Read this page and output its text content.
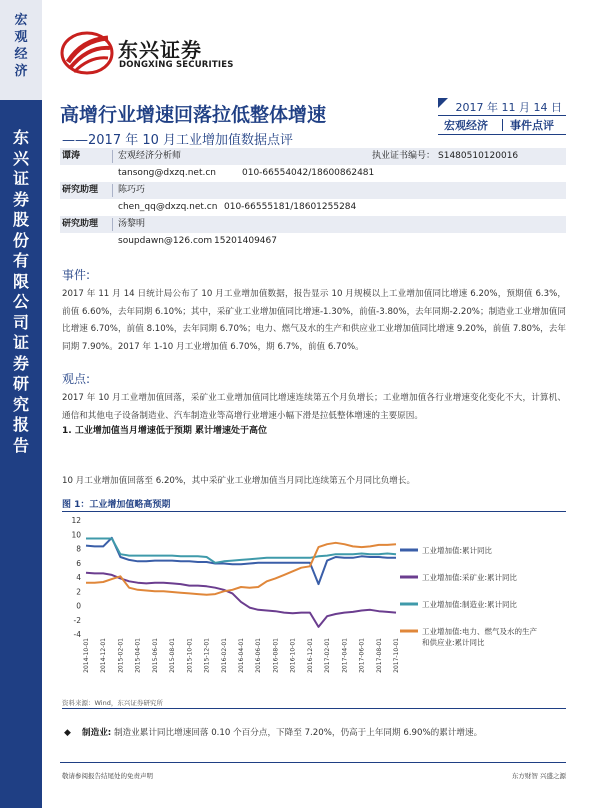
宏观经济
东兴证券股份有限公司证券研究报告
东兴证券
DONGXING SECURITIES
高增行业增速回落拉低整体增速
——2017 年 10 月工业增加值数据点评
2017 年 11 月 14 日
宏观经济 事件点评
谭涛	宏观经济分析师	执业证书编号： S1480510120016
tansong@dxzq.net.cn	010-66554042/18600862481
研究助理 陈巧巧
chen_qq@dxzq.net.cn 010-66555181/18601255284
研究助理 汤黎明
soupdawn@126.com 15201409467
事件:
2017 年 11 月 14 日统计局公布了 10 月工业增加值数据，报告显示 10 月规模以上工业增加值同比增速 6.20%，预期值 6.3%，前值 6.60%，去年同期 6.10%；其中，采矿业工业增加值同比增速-1.30%，前值-3.80%，去年同期-2.20%；制造业工业增加值同比增速 6.70%，前值 8.10%，去年同期 6.70%；电力、燃气及水的生产和供应业工业增加值同比增速 9.20%，前值 7.80%，去年同期 7.90%。2017 年 1-10 月工业增加值 6.70%，期 6.7%，前值 6.70%。
观点:
2017 年 10 月工业增加值回落，采矿业工业增加值同比增速连续第五个月负增长；工业增加值各行业增速变化变化不大，计算机、通信和其他电子设备制造业、汽车制造业等高增行业增速小幅下滑是拉低整体增速的主要原因。
1. 工业增加值当月增速低于预期 累计增速处于高位
10 月工业增加值回落至 6.20%，其中采矿业工业增加值当月同比连续第五个月同比负增长。
图 1：工业增加值略高预期
-4
-2
0
2
4
6
8
10
12
2014-10-01 2014-12-01 2015-02-01 2015-04-01 2015-06-01 2015-08-01 2015-10-01 2015-12-01 2016-02-01 2016-04-01 2016-06-01 2016-08-01 2016-10-01 2016-12-01 2017-02-01 2017-04-01 2017-06-01 2017-08-01 2017-10-01
工业增加值:累计同比
工业增加值:采矿业:累计同比
工业增加值:制造业:累计同比
工业增加值:电力、燃气及水的生产
和供应业:累计同比
资料来源：Wind，东兴证券研究所
◆ 制造业: 制造业累计同比增速回落 0.10 个百分点，下降至 7.20%，仍高于上年同期 6.90%的累计增速。
敬请参阅报告结尾处的免责声明	东方财智 兴盛之源
